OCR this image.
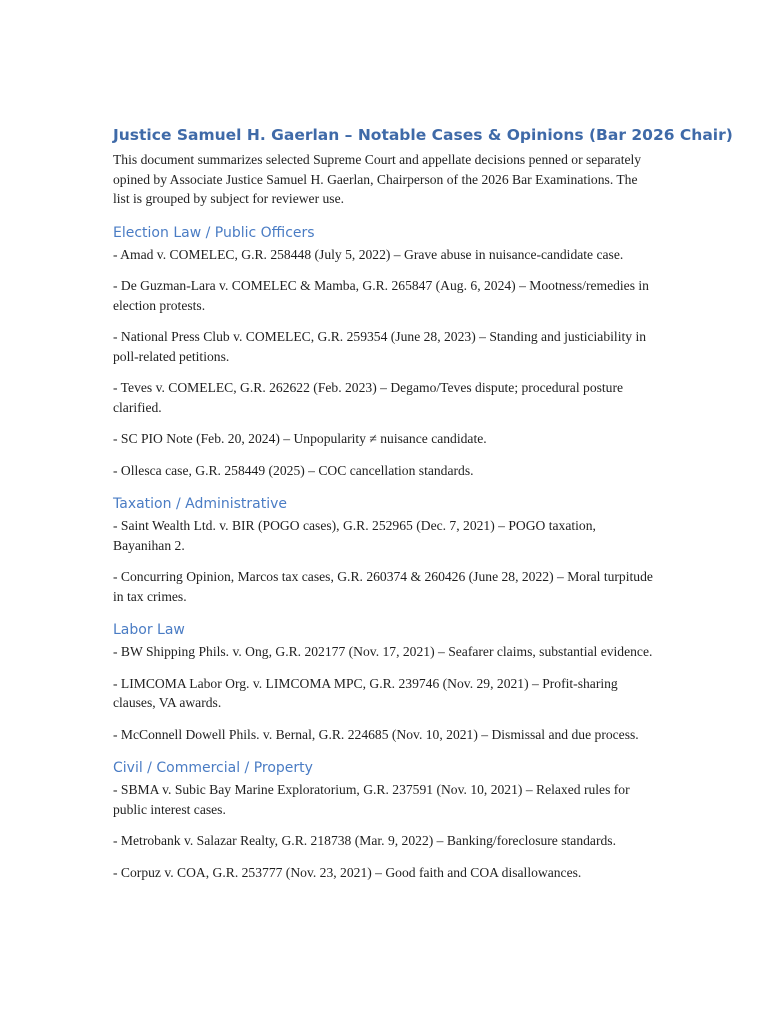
Justice Samuel H. Gaerlan – Notable Cases & Opinions (Bar 2026 Chair)

This document summarizes selected Supreme Court and appellate decisions penned or separately opined by Associate Justice Samuel H. Gaerlan, Chairperson of the 2026 Bar Examinations. The list is grouped by subject for reviewer use.

Election Law / Public Officers

- Amad v. COMELEC, G.R. 258448 (July 5, 2022) – Grave abuse in nuisance-candidate case.

- De Guzman-Lara v. COMELEC & Mamba, G.R. 265847 (Aug. 6, 2024) – Mootness/remedies in election protests.

- National Press Club v. COMELEC, G.R. 259354 (June 28, 2023) – Standing and justiciability in poll-related petitions.

- Teves v. COMELEC, G.R. 262622 (Feb. 2023) – Degamo/Teves dispute; procedural posture clarified.

- SC PIO Note (Feb. 20, 2024) – Unpopularity ≠ nuisance candidate.

- Ollesca case, G.R. 258449 (2025) – COC cancellation standards.

Taxation / Administrative

- Saint Wealth Ltd. v. BIR (POGO cases), G.R. 252965 (Dec. 7, 2021) – POGO taxation, Bayanihan 2.

- Concurring Opinion, Marcos tax cases, G.R. 260374 & 260426 (June 28, 2022) – Moral turpitude in tax crimes.

Labor Law

- BW Shipping Phils. v. Ong, G.R. 202177 (Nov. 17, 2021) – Seafarer claims, substantial evidence.

- LIMCOMA Labor Org. v. LIMCOMA MPC, G.R. 239746 (Nov. 29, 2021) – Profit-sharing clauses, VA awards.

- McConnell Dowell Phils. v. Bernal, G.R. 224685 (Nov. 10, 2021) – Dismissal and due process.

Civil / Commercial / Property

- SBMA v. Subic Bay Marine Exploratorium, G.R. 237591 (Nov. 10, 2021) – Relaxed rules for public interest cases.

- Metrobank v. Salazar Realty, G.R. 218738 (Mar. 9, 2022) – Banking/foreclosure standards.

- Corpuz v. COA, G.R. 253777 (Nov. 23, 2021) – Good faith and COA disallowances.
